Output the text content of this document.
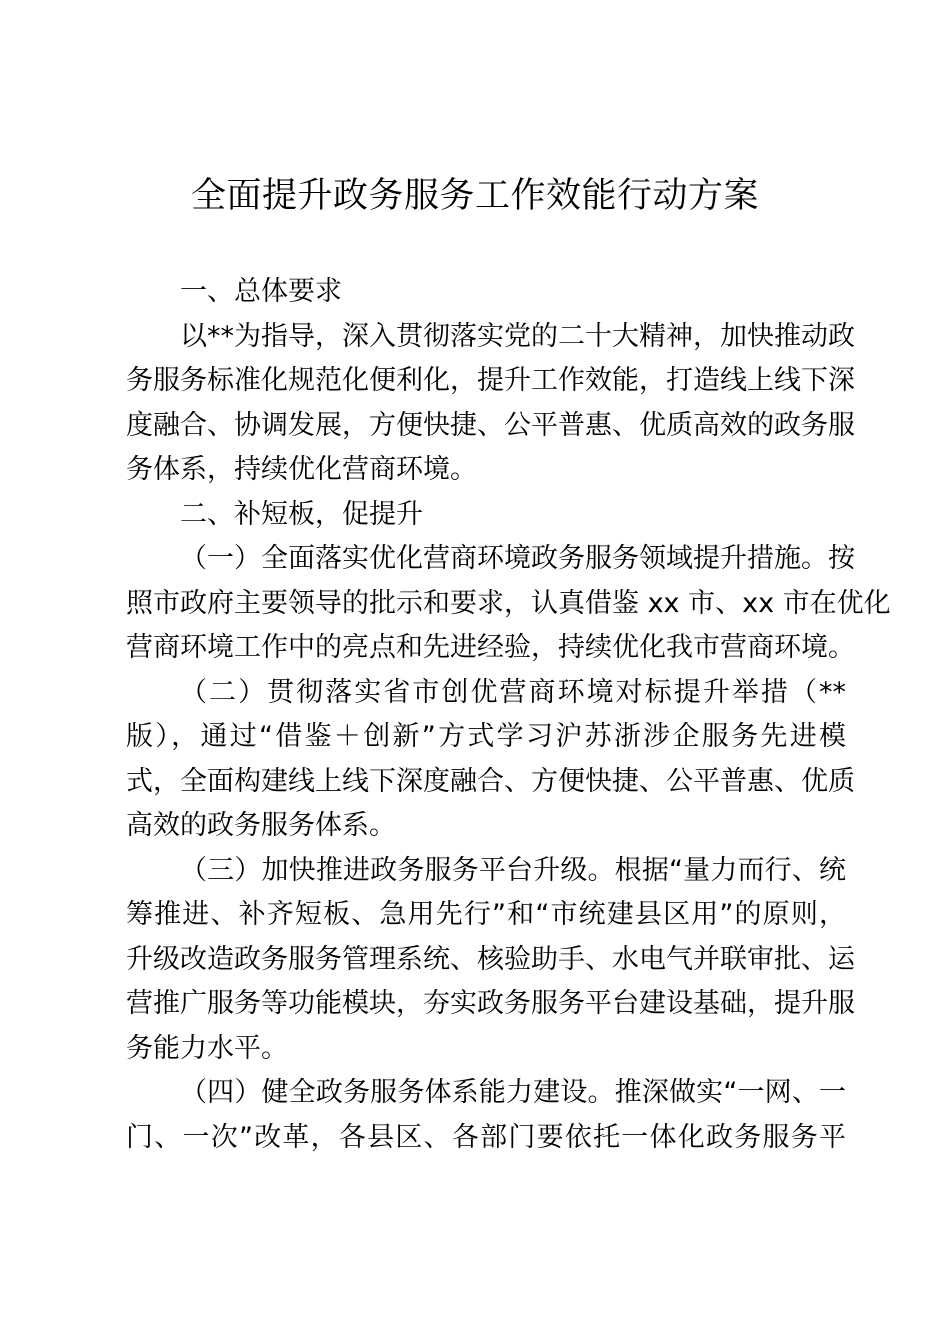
全面提升政务服务工作效能行动方案
一、总体要求
以**为指导，深入贯彻落实党的二十大精神，加快推动政
务服务标准化规范化便利化，提升工作效能，打造线上线下深
度融合、协调发展，方便快捷、公平普惠、优质高效的政务服
务体系，持续优化营商环境。
二、补短板，促提升
（一）全面落实优化营商环境政务服务领域提升措施。按
照市政府主要领导的批示和要求，认真借鉴 xx 市、xx 市在优化
营商环境工作中的亮点和先进经验，持续优化我市营商环境。
（二）贯彻落实省市创优营商环境对标提升举措（**
版），通过“借鉴＋创新”方式学习沪苏浙涉企服务先进模
式，全面构建线上线下深度融合、方便快捷、公平普惠、优质
高效的政务服务体系。
（三）加快推进政务服务平台升级。根据“量力而行、统
筹推进、补齐短板、急用先行”和“市统建县区用”的原则，
升级改造政务服务管理系统、核验助手、水电气并联审批、运
营推广服务等功能模块，夯实政务服务平台建设基础，提升服
务能力水平。
（四）健全政务服务体系能力建设。推深做实“一网、一
门、一次”改革，各县区、各部门要依托一体化政务服务平
